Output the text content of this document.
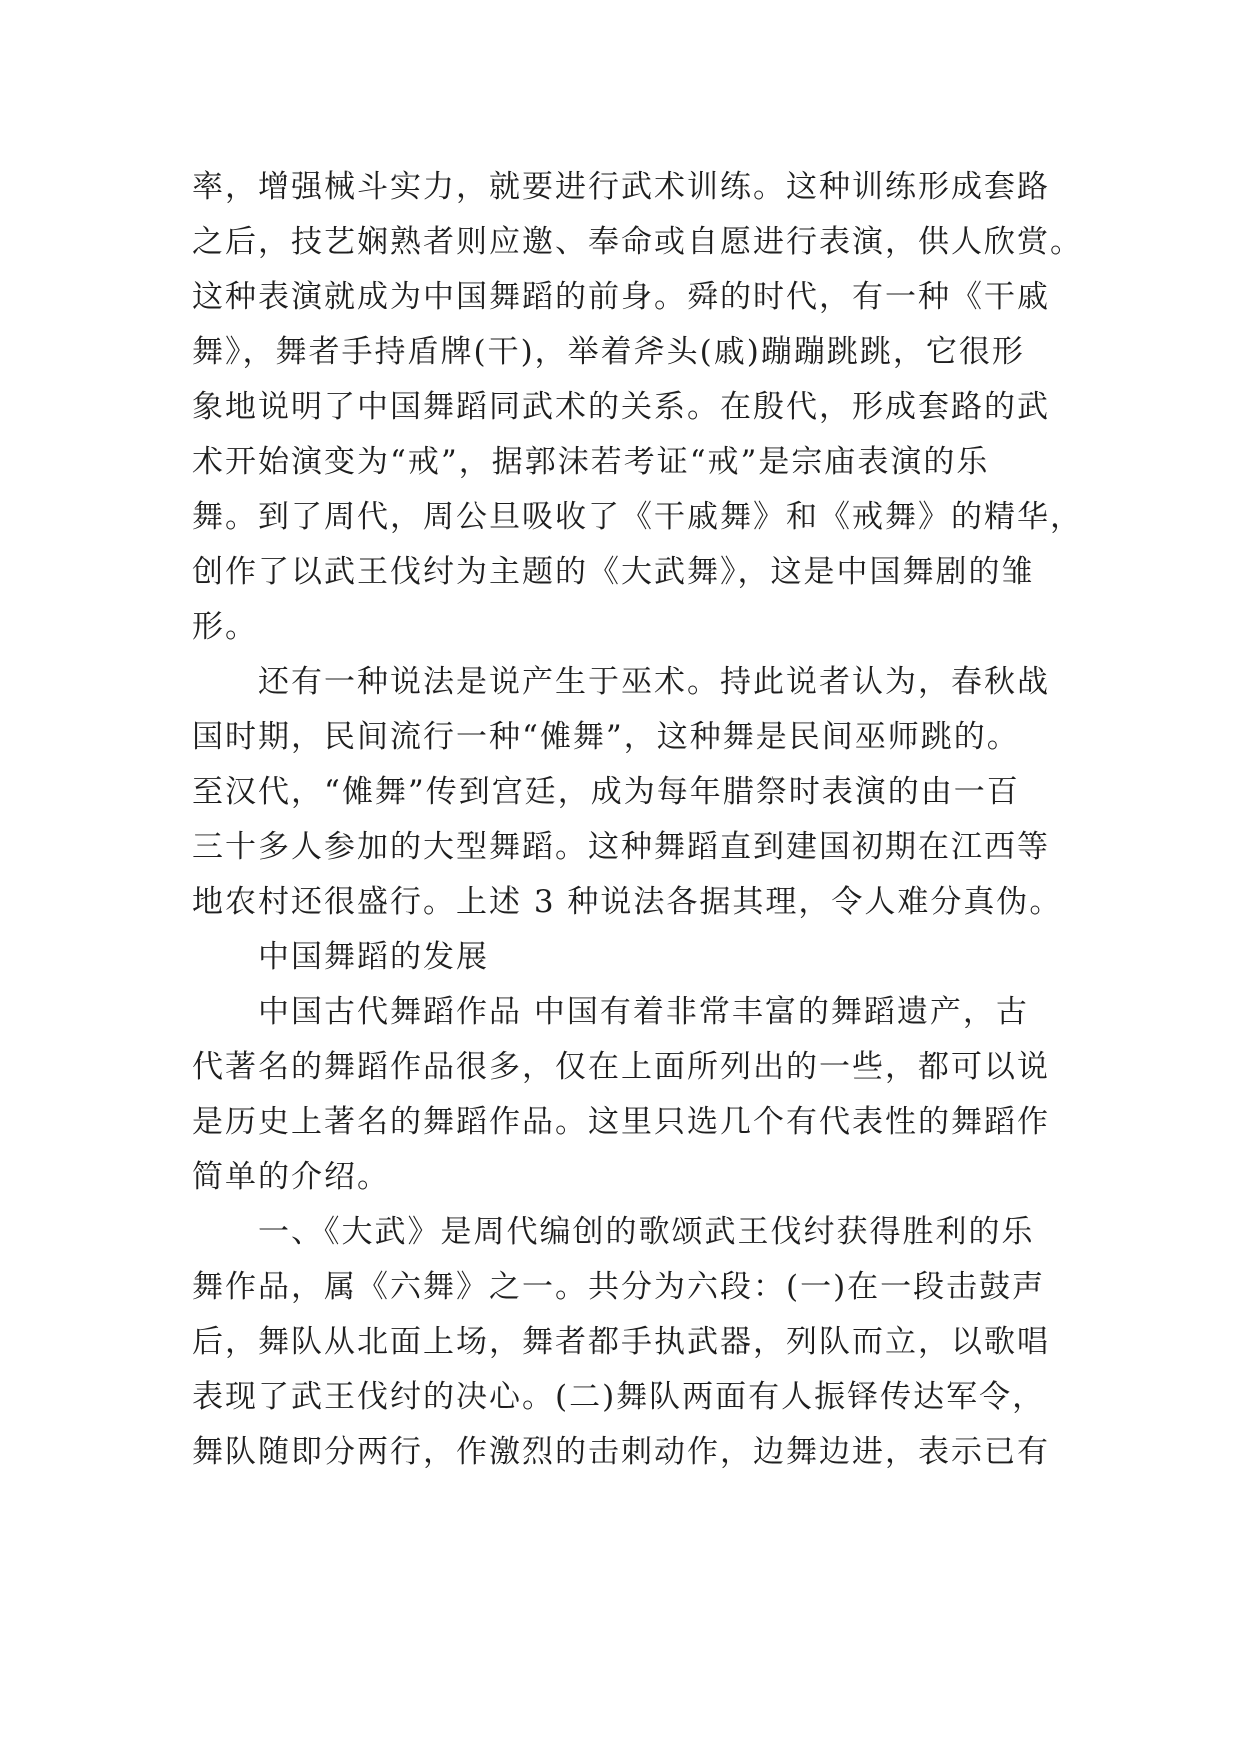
率，增强械斗实力，就要进行武术训练。这种训练形成套路
之后，技艺娴熟者则应邀、奉命或自愿进行表演，供人欣赏。
这种表演就成为中国舞蹈的前身。舜的时代，有一种《干戚
舞》，舞者手持盾牌(干)，举着斧头(戚)蹦蹦跳跳，它很形
象地说明了中国舞蹈同武术的关系。在殷代，形成套路的武
术开始演变为“戒”，据郭沫若考证“戒”是宗庙表演的乐
舞。到了周代，周公旦吸收了《干戚舞》和《戒舞》的精华，
创作了以武王伐纣为主题的《大武舞》，这是中国舞剧的雏
形。
还有一种说法是说产生于巫术。持此说者认为，春秋战
国时期，民间流行一种“傩舞”，这种舞是民间巫师跳的。
至汉代，“傩舞”传到宫廷，成为每年腊祭时表演的由一百
三十多人参加的大型舞蹈。这种舞蹈直到建国初期在江西等
地农村还很盛行。上述 3 种说法各据其理，令人难分真伪。
中国舞蹈的发展
中国古代舞蹈作品 中国有着非常丰富的舞蹈遗产，古
代著名的舞蹈作品很多，仅在上面所列出的一些，都可以说
是历史上著名的舞蹈作品。这里只选几个有代表性的舞蹈作
简单的介绍。
一、《大武》是周代编创的歌颂武王伐纣获得胜利的乐
舞作品，属《六舞》之一。共分为六段：(一)在一段击鼓声
后，舞队从北面上场，舞者都手执武器，列队而立，以歌唱
表现了武王伐纣的决心。(二)舞队两面有人振铎传达军令，
舞队随即分两行，作激烈的击刺动作，边舞边进，表示已有
